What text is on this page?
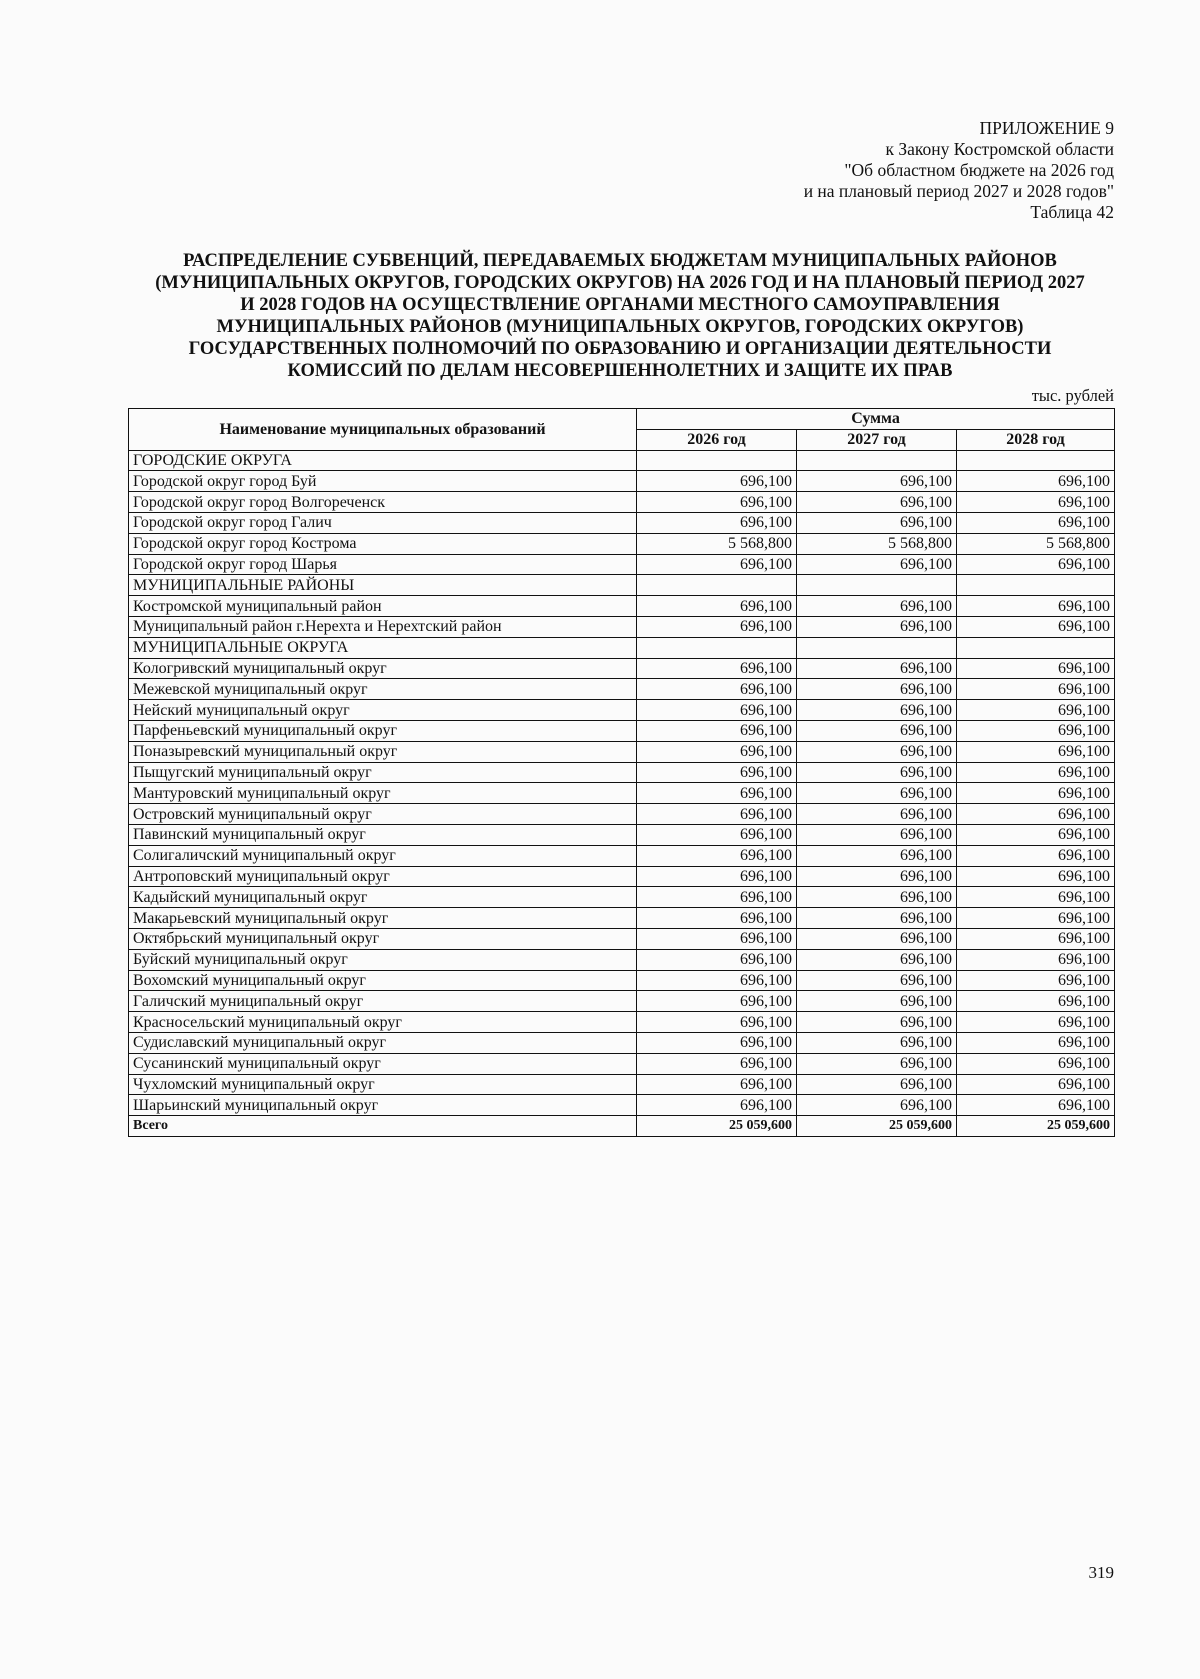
ПРИЛОЖЕНИЕ 9
к Закону Костромской области
"Об областном бюджете на 2026 год
и на плановый период 2027 и 2028 годов"
Таблица 42
РАСПРЕДЕЛЕНИЕ СУБВЕНЦИЙ, ПЕРЕДАВАЕМЫХ БЮДЖЕТАМ МУНИЦИПАЛЬНЫХ РАЙОНОВ
(МУНИЦИПАЛЬНЫХ ОКРУГОВ, ГОРОДСКИХ ОКРУГОВ) НА 2026 ГОД И НА ПЛАНОВЫЙ ПЕРИОД 2027
И 2028 ГОДОВ НА ОСУЩЕСТВЛЕНИЕ ОРГАНАМИ МЕСТНОГО САМОУПРАВЛЕНИЯ
МУНИЦИПАЛЬНЫХ РАЙОНОВ (МУНИЦИПАЛЬНЫХ ОКРУГОВ, ГОРОДСКИХ ОКРУГОВ)
ГОСУДАРСТВЕННЫХ ПОЛНОМОЧИЙ ПО ОБРАЗОВАНИЮ И ОРГАНИЗАЦИИ ДЕЯТЕЛЬНОСТИ
КОМИССИЙ ПО ДЕЛАМ НЕСОВЕРШЕННОЛЕТНИХ И ЗАЩИТЕ ИХ ПРАВ
тыс. рублей
Наименование муниципальных образований	Сумма		
	2026 год	2027 год	2028 год
ГОРОДСКИЕ ОКРУГА			
Городской округ город Буй	696,100	696,100	696,100
Городской округ город Волгореченск	696,100	696,100	696,100
Городской округ город Галич	696,100	696,100	696,100
Городской округ город Кострома	5 568,800	5 568,800	5 568,800
Городской округ город Шарья	696,100	696,100	696,100
МУНИЦИПАЛЬНЫЕ РАЙОНЫ			
Костромской муниципальный район	696,100	696,100	696,100
Муниципальный район г.Нерехта и Нерехтский район	696,100	696,100	696,100
МУНИЦИПАЛЬНЫЕ ОКРУГА			
Кологривский муниципальный округ	696,100	696,100	696,100
Межевской муниципальный округ	696,100	696,100	696,100
Нейский муниципальный округ	696,100	696,100	696,100
Парфеньевский муниципальный округ	696,100	696,100	696,100
Поназыревский муниципальный округ	696,100	696,100	696,100
Пыщугский муниципальный округ	696,100	696,100	696,100
Мантуровский муниципальный округ	696,100	696,100	696,100
Островский муниципальный округ	696,100	696,100	696,100
Павинский муниципальный округ	696,100	696,100	696,100
Солигаличский муниципальный округ	696,100	696,100	696,100
Антроповский муниципальный округ	696,100	696,100	696,100
Кадыйский муниципальный округ	696,100	696,100	696,100
Макарьевский муниципальный округ	696,100	696,100	696,100
Октябрьский муниципальный округ	696,100	696,100	696,100
Буйский муниципальный округ	696,100	696,100	696,100
Вохомский муниципальный округ	696,100	696,100	696,100
Галичский муниципальный округ	696,100	696,100	696,100
Красносельский муниципальный округ	696,100	696,100	696,100
Судиславский муниципальный округ	696,100	696,100	696,100
Сусанинский муниципальный округ	696,100	696,100	696,100
Чухломский муниципальный округ	696,100	696,100	696,100
Шарьинский муниципальный округ	696,100	696,100	696,100
Всего	25 059,600	25 059,600	25 059,600
319
